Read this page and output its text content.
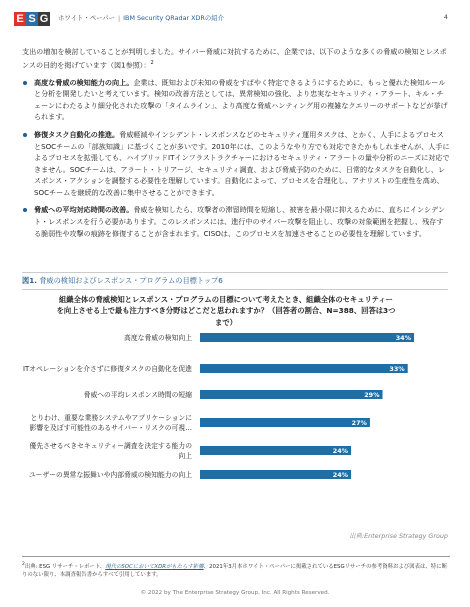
E S G ホワイト・ペーパー | IBM Security QRadar XDRの紹介	4

支出の増加を検討していることが判明しました。サイバー脅威に対抗するために、企業では、以下のような多くの脅威の検知とレスポンスの目的を掲げています（図1参照）：$^2$

高度な脅威の検知能力の向上。企業は、既知および未知の脅威をすばやく特定できるようにするために、もっと優れた検知ルールと分析を開発したいと考えています。検知の改善方法としては、異常検知の強化、より忠実なセキュリティ・アラート、キル・チェーンにわたるより細分化された攻撃の「タイムライン」、より高度な脅威ハンティング用の複雑なクエリーのサポートなどが挙げられます。
修復タスク自動化の推進。脅威軽減やインシデント・レスポンスなどのセキュリティ運用タスクは、とかく、人手によるプロセスとSOCチームの「部族知識」に基づくことが多いです。2010年には、このようなやり方でも対応できたかもしれませんが、人手によるプロセスを拡張しても、ハイブリッドITインフラストラクチャーにおけるセキュリティ・アラートの量や分析のニーズに対応できません。SOCチームは、アラート・トリアージ、セキュリティ調査、および脅威予防のために、日常的なタスクを自動化し、レスポンス・アクションを調整する必要性を理解しています。自動化によって、プロセスを合理化し、アナリストの生産性を高め、SOCチームを継続的な改善に集中させることができます。
脅威への平均対応時間の改善。脅威を検知したら、攻撃者の滞留時間を短縮し、被害を最小限に抑えるために、直ちにインシデント・レスポンスを行う必要があります。このレスポンスには、進行中のサイバー攻撃を阻止し、攻撃の対象範囲を把握し、残存する脆弱性や攻撃の痕跡を修復することが含まれます。CISOは、このプロセスを加速させることの必要性を理解しています。
図1. 脅威の検知およびレスポンス・プログラムの目標トップ6
組織全体の脅威検知とレスポンス・プログラムの目標について考えたとき、組織全体のセキュリティーを向上させる上で最も注力すべき分野はどこだと思われますか？（回答者の割合、N=388、回答は3つまで）
34%
高度な脅威の検知向上
33%
ITオペレーションを介さずに修復タスクの自動化を促進
29%
脅威への平均レスポンス時間の短縮
27%
とりわけ、重要な業務システムやアプリケーションに
影響を及ぼす可能性のあるサイバー・リスクの可視…
24%
優先させるべきセキュリティー調査を決定する能力の
向上
24%
ユーザーの異常な振舞いや内部脅威の検知能力の向上
出典:Enterprise Strategy Group
$^2$出典: ESG リサーチ・レポート、現代のSOCにおいてXDRがもたらす影響、2021年3月本ホワイト・ペーパーに掲載されているESGリサーチの参考資料および図表は、特に断りのない限り、本調査報告書からすべて引用しています。
© 2022 by The Enterprise Strategy Group, Inc. All Rights Reserved.
